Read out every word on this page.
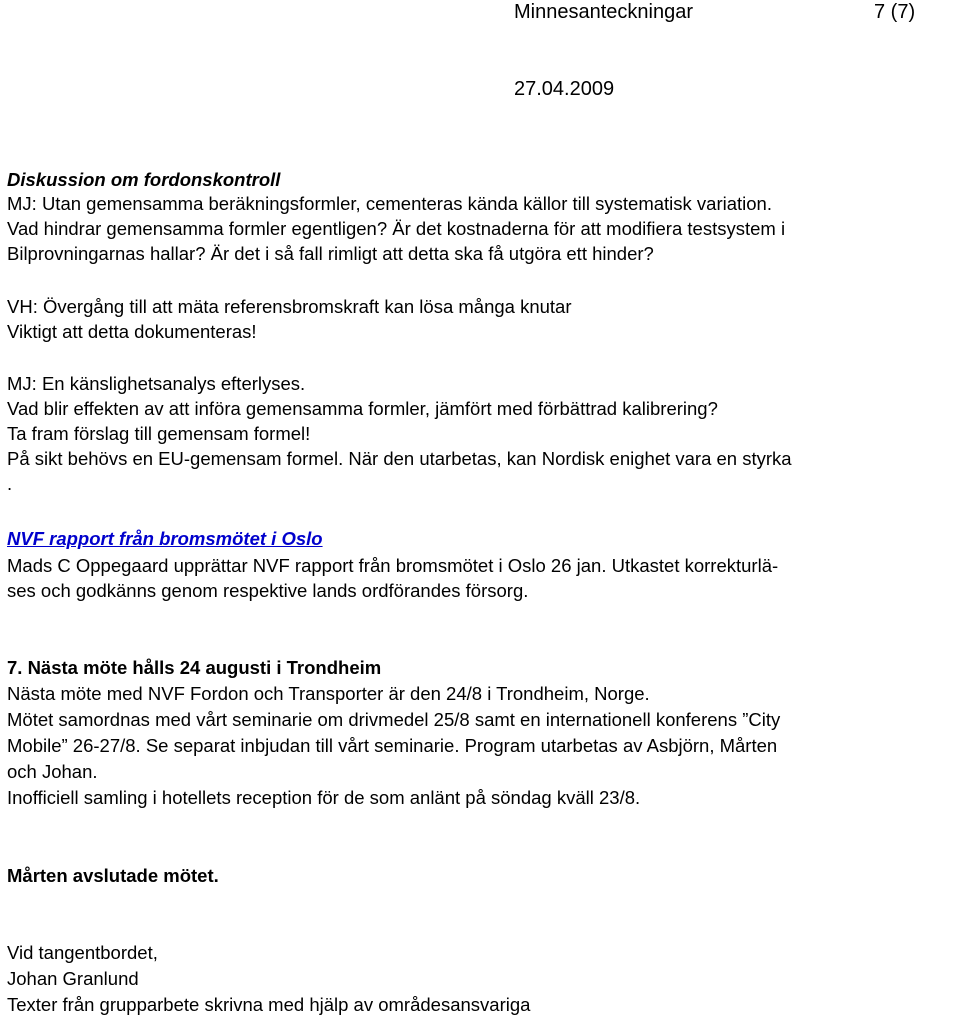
Minnesanteckningar	7 (7)
27.04.2009
Diskussion om fordonskontroll
MJ: Utan gemensamma beräkningsformler, cementeras kända källor till systematisk variation.
Vad hindrar gemensamma formler egentligen? Är det kostnaderna för att modifiera testsystem i
Bilprovningarnas hallar? Är det i så fall rimligt att detta ska få utgöra ett hinder?
VH: Övergång till att mäta referensbromskraft kan lösa många knutar
Viktigt att detta dokumenteras!
MJ: En känslighetsanalys efterlyses.
Vad blir effekten av att införa gemensamma formler, jämfört med förbättrad kalibrering?
Ta fram förslag till gemensam formel!
På sikt behövs en EU-gemensam formel. När den utarbetas, kan Nordisk enighet vara en styrka
.
NVF rapport från bromsmötet i Oslo
Mads C Oppegaard upprättar NVF rapport från bromsmötet i Oslo 26 jan. Utkastet korrekturlä-
ses och godkänns genom respektive lands ordförandes försorg.
7. Nästa möte hålls 24 augusti i Trondheim
Nästa möte med NVF Fordon och Transporter är den 24/8 i Trondheim, Norge.
Mötet samordnas med vårt seminarie om drivmedel 25/8 samt en internationell konferens ”City
Mobile” 26-27/8. Se separat inbjudan till vårt seminarie. Program utarbetas av Asbjörn, Mårten
och Johan.
Inofficiell samling i hotellets reception för de som anlänt på söndag kväll 23/8.
Mårten avslutade mötet.
Vid tangentbordet,
Johan Granlund
Texter från grupparbete skrivna med hjälp av områdesansvariga
